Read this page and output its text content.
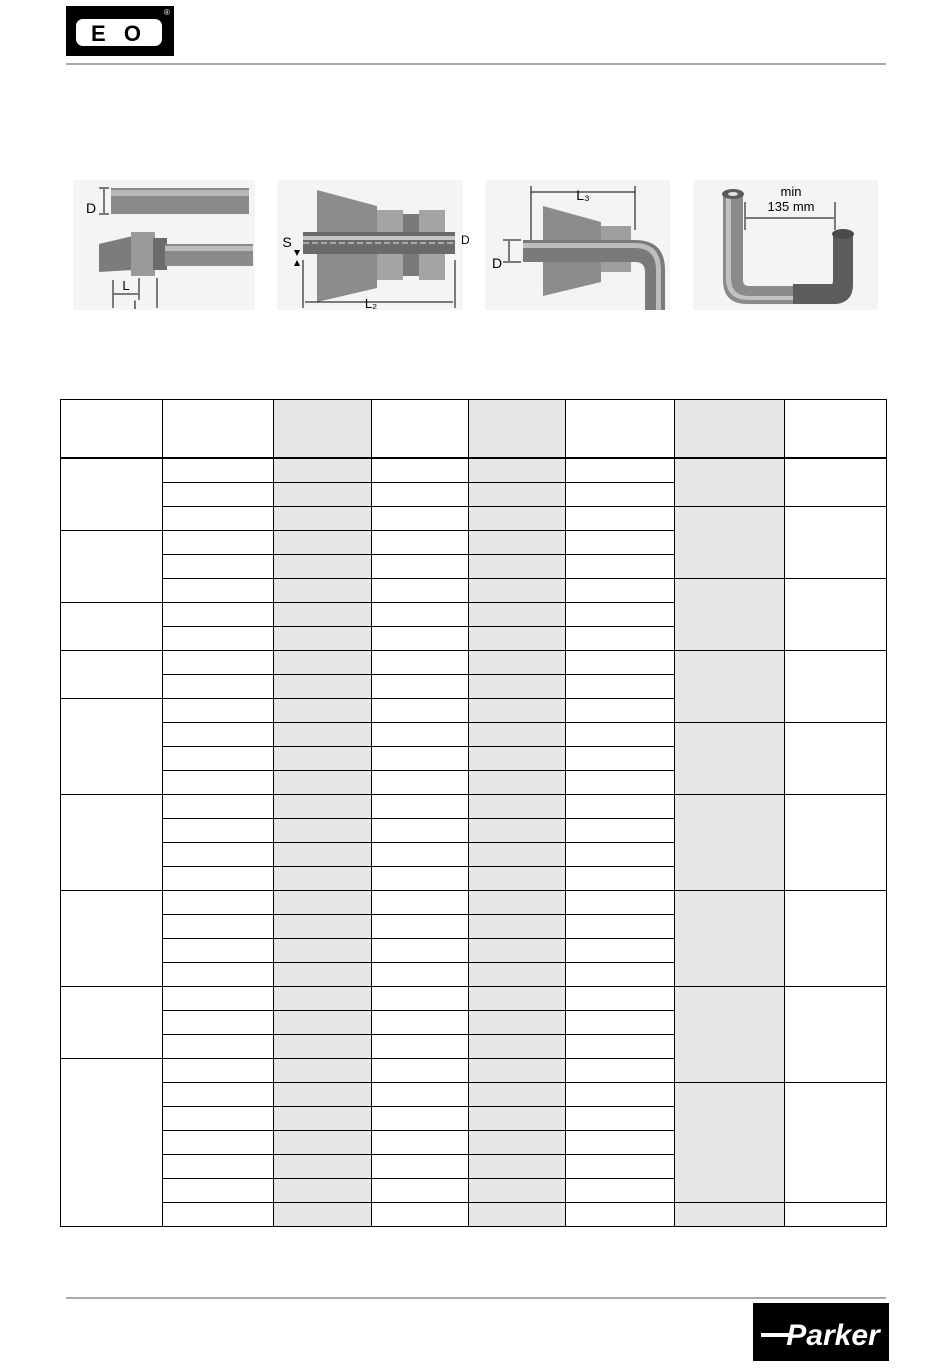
E O
®
D
L
l
S	D
L₂
L₃
D
min
135 mm

Parker
